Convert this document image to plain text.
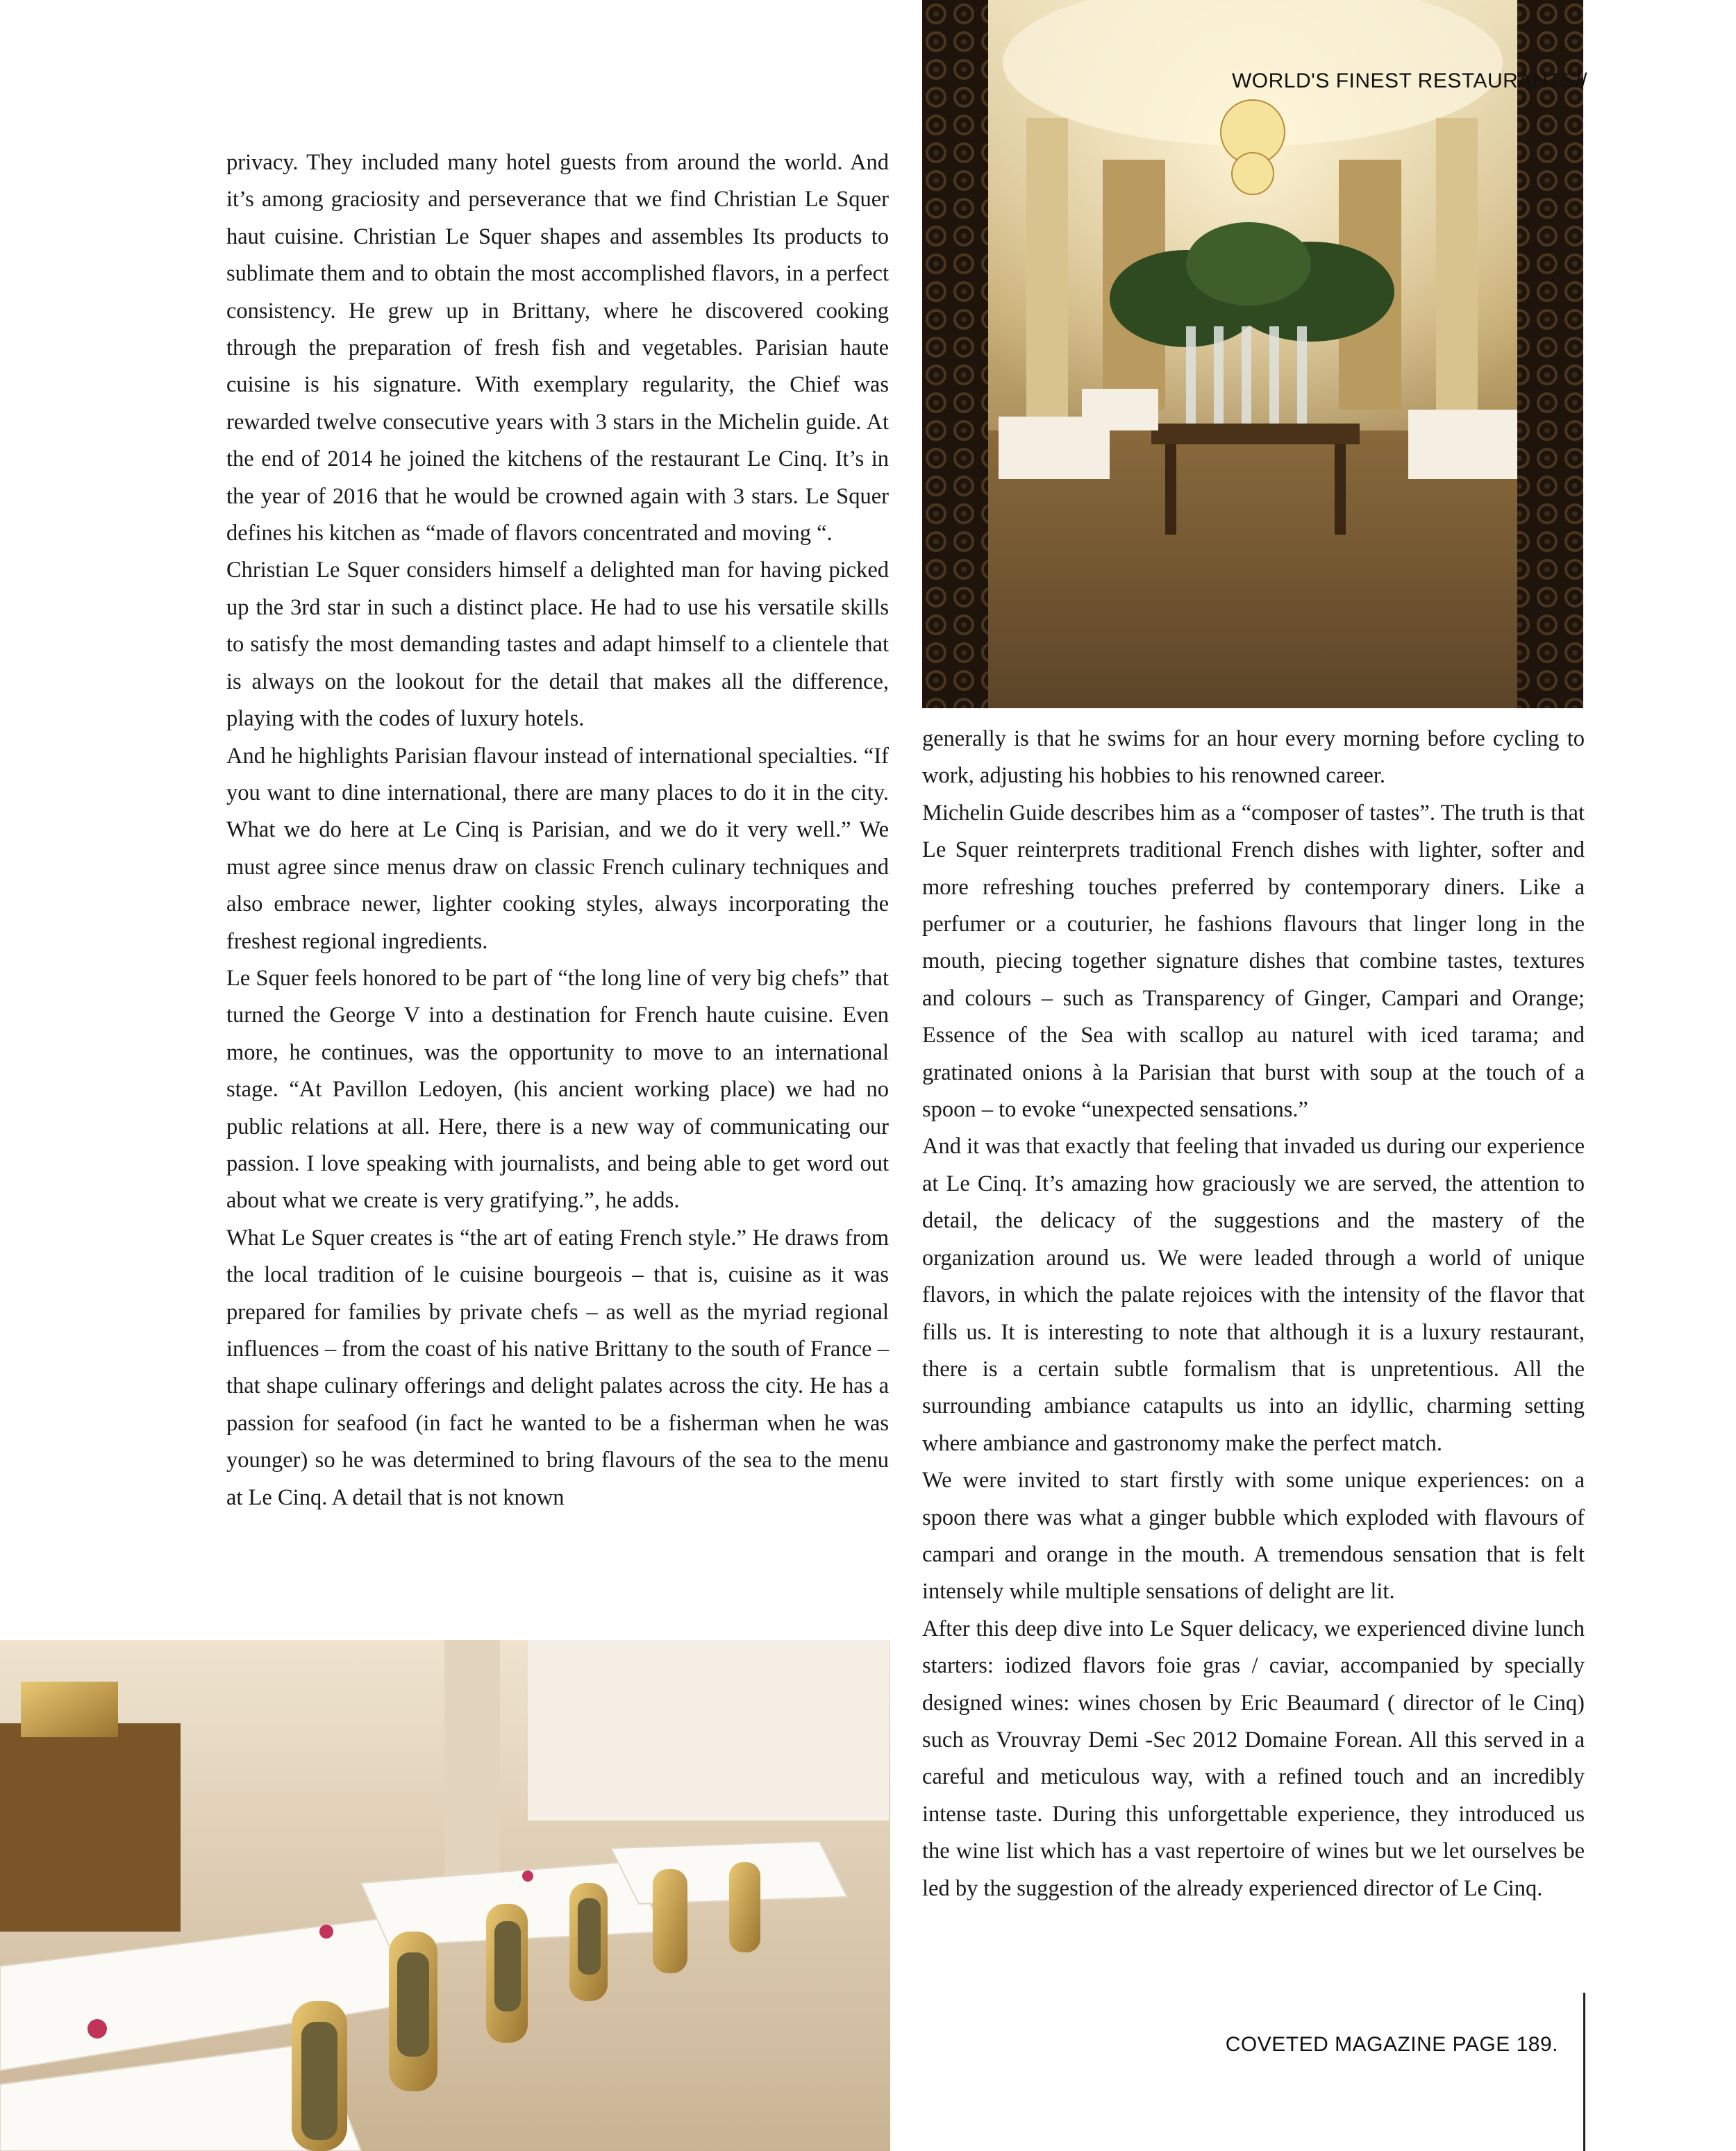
WORLD'S FINEST RESTAURANTS//

privacy. They included many hotel guests from around the world. And it’s among graciosity and perseverance that we find Christian Le Squer haut cuisine. Christian Le Squer shapes and assembles Its products to sublimate them and to obtain the most accomplished flavors, in a perfect consistency. He grew up in Brittany, where he discovered cooking through the preparation of fresh fish and vegetables. Parisian haute cuisine is his signature. With exemplary regularity, the Chief was rewarded twelve consecutive years with 3 stars in the Michelin guide. At the end of 2014 he joined the kitchens of the restaurant Le Cinq. It’s in the year of 2016 that he would be crowned again with 3 stars. Le Squer defines his kitchen as “made of flavors concentrated and moving “.

Christian Le Squer considers himself a delighted man for having picked up the 3rd star in such a distinct place. He had to use his versatile skills to satisfy the most demanding tastes and adapt himself to a clientele that is always on the lookout for the detail that makes all the difference, playing with the codes of luxury hotels.

And he highlights Parisian flavour instead of international specialties. “If you want to dine international, there are many places to do it in the city. What we do here at Le Cinq is Parisian, and we do it very well.” We must agree since menus draw on classic French culinary techniques and also embrace newer, lighter cooking styles, always incorporating the freshest regional ingredients.

Le Squer feels honored to be part of “the long line of very big chefs” that turned the George V into a destination for French haute cuisine. Even more, he continues, was the opportunity to move to an international stage. “At Pavillon Ledoyen, (his ancient working place) we had no public relations at all. Here, there is a new way of communicating our passion. I love speaking with journalists, and being able to get word out about what we create is very gratifying.”, he adds.

What Le Squer creates is “the art of eating French style.” He draws from the local tradition of le cuisine bourgeois – that is, cuisine as it was prepared for families by private chefs – as well as the myriad regional influences – from the coast of his native Brittany to the south of France – that shape culinary offerings and delight palates across the city. He has a passion for seafood (in fact he wanted to be a fisherman when he was younger) so he was determined to bring flavours of the sea to the menu at Le Cinq. A detail that is not known

generally is that he swims for an hour every morning before cycling to work, adjusting his hobbies to his renowned career.

Michelin Guide describes him as a “composer of tastes”. The truth is that Le Squer reinterprets traditional French dishes with lighter, softer and more refreshing touches preferred by contemporary diners. Like a perfumer or a couturier, he fashions flavours that linger long in the mouth, piecing together signature dishes that combine tastes, textures and colours – such as Transparency of Ginger, Campari and Orange; Essence of the Sea with scallop au naturel with iced tarama; and gratinated onions à la Parisian that burst with soup at the touch of a spoon – to evoke “unexpected sensations.”

And it was that exactly that feeling that invaded us during our experience at Le Cinq. It’s amazing how graciously we are served, the attention to detail, the delicacy of the suggestions and the mastery of the organization around us. We were leaded through a world of unique flavors, in which the palate rejoices with the intensity of the flavor that fills us. It is interesting to note that although it is a luxury restaurant, there is a certain subtle formalism that is unpretentious. All the surrounding ambiance catapults us into an idyllic, charming setting where ambiance and gastronomy make the perfect match.

We were invited to start firstly with some unique experiences: on a spoon there was what a ginger bubble which exploded with flavours of campari and orange in the mouth. A tremendous sensation that is felt intensely while multiple sensations of delight are lit.

After this deep dive into Le Squer delicacy, we experienced divine lunch starters: iodized flavors foie gras / caviar, accompanied by specially designed wines: wines chosen by Eric Beaumard ( director of le Cinq) such as Vrouvray Demi -Sec 2012 Domaine Forean. All this served in a careful and meticulous way, with a refined touch and an incredibly intense taste. During this unforgettable experience, they introduced us the wine list which has a vast repertoire of wines but we let ourselves be led by the suggestion of the already experienced director of Le Cinq.

COVETED MAGAZINE PAGE 189.
